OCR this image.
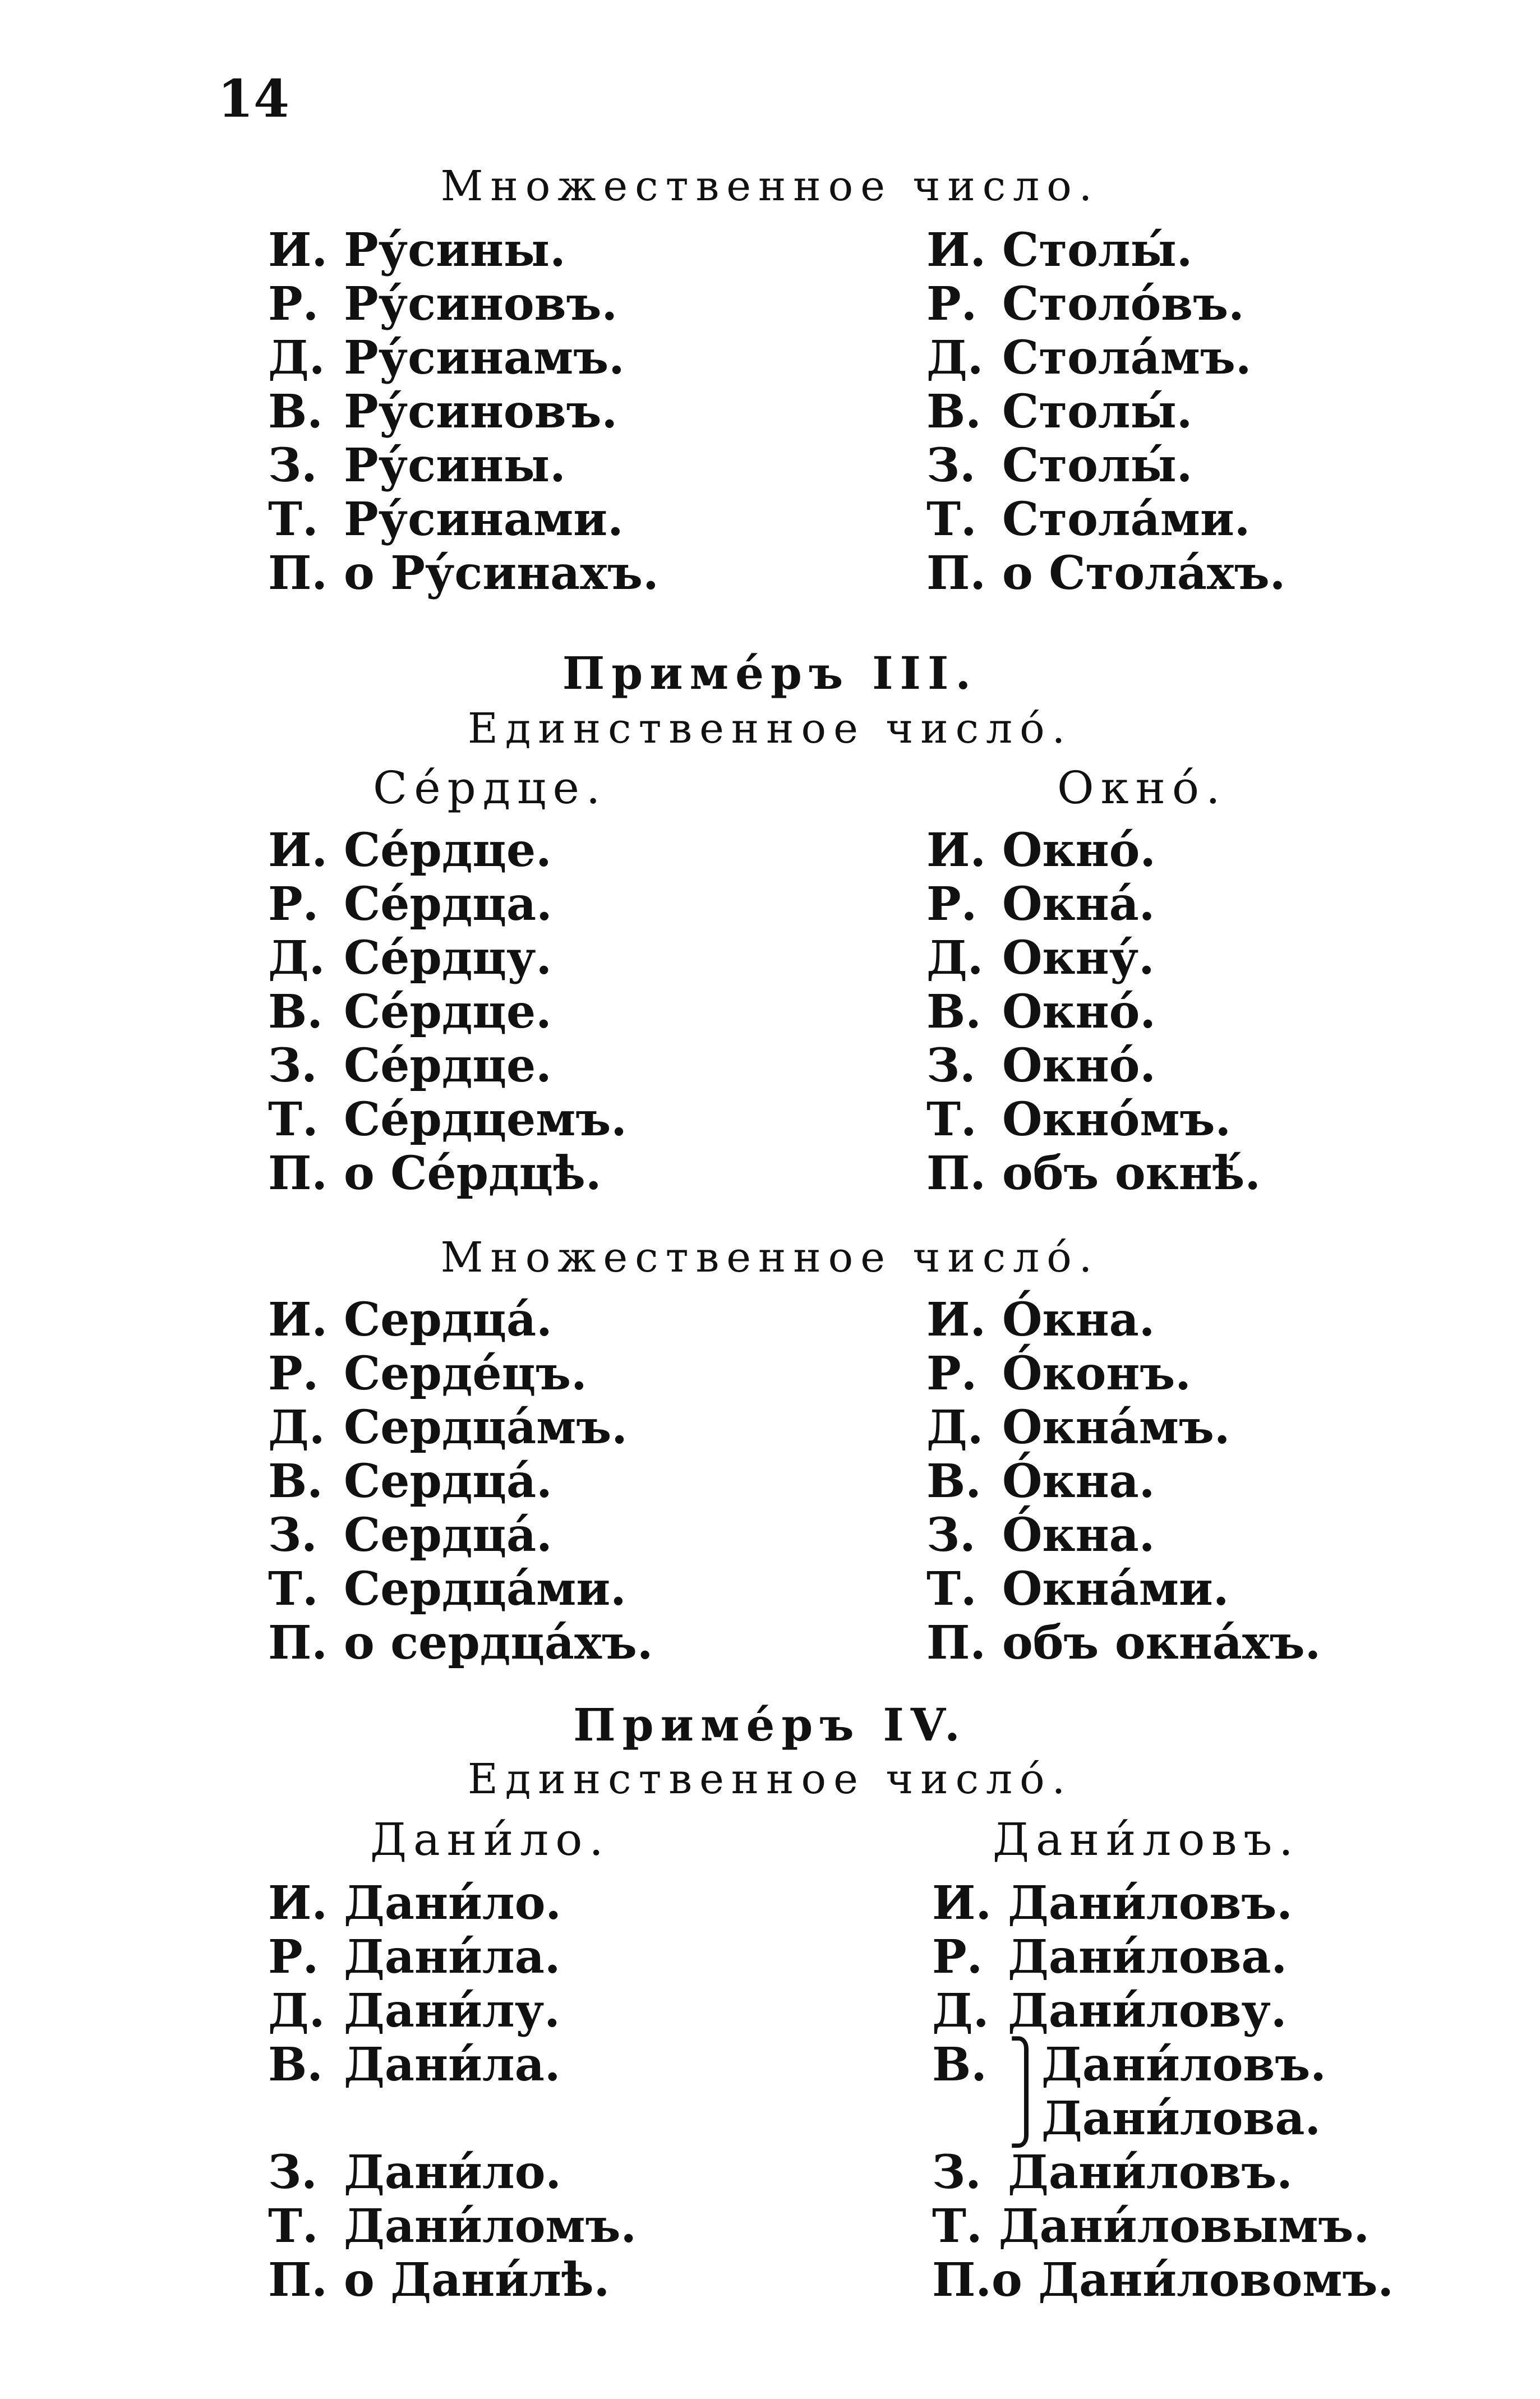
14
Множественное число.
И. Ру́сины.
Р. Ру́синовъ.
Д. Ру́синамъ.
В. Ру́синовъ.
З. Ру́сины.
Т. Ру́синами.
П. о Ру́синахъ.
И. Столы́.
Р. Столо́въ.
Д. Стола́мъ.
В. Столы́.
З. Столы́.
Т. Стола́ми.
П. о Стола́хъ.
Приме́ръ III.
Единственное число́.
Се́рдце.	Окно́.
И. Се́рдце.
Р. Се́рдца.
Д. Се́рдцу.
В. Се́рдце.
З. Се́рдце.
Т. Се́рдцемъ.
П. о Се́рдцѣ.
И. Окно́.
Р. Окна́.
Д. Окну́.
В. Окно́.
З. Окно́.
Т. Окно́мъ.
П. объ окнѣ́.
Множественное число́.
И. Сердца́.
Р. Серде́цъ.
Д. Сердца́мъ.
В. Сердца́.
З. Сердца́.
Т. Сердца́ми.
П. о сердца́хъ.
И. О́кна.
Р. О́конъ.
Д. Окна́мъ.
В. О́кна.
З. О́кна.
Т. Окна́ми.
П. объ окна́хъ.
Приме́ръ IV.
Единственное число́.
Дани́ло.	Дани́ловъ.
И. Дани́ло.
Р. Дани́ла.
Д. Дани́лу.
В. Дани́ла.
З. Дани́ло.
Т. Дани́ломъ.
П. о Дани́лѣ.
И. Дани́ловъ.
Р. Дани́лова.
Д. Дани́лову.
В. ⎫
Дани́ловъ.
⎭
Дани́лова.
З. Дани́ловъ.
Т. Дани́ловымъ.
П. о Дани́ловомъ.
